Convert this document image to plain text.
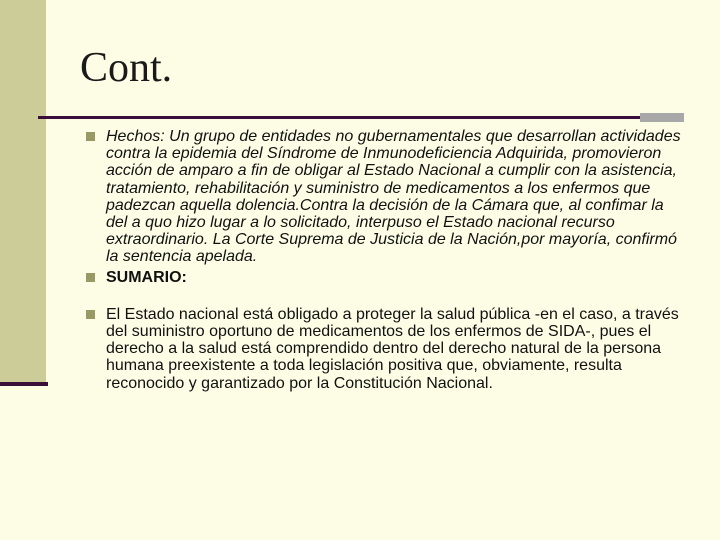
Cont.
Hechos: Un grupo de entidades no gubernamentales que desarrollan actividades contra la epidemia del Síndrome de Inmunodeficiencia Adquirida, promovieron acción de amparo a fin de obligar al Estado Nacional a cumplir con la asistencia, tratamiento, rehabilitación y suministro de medicamentos a los enfermos que padezcan aquella dolencia.Contra la decisión de la Cámara que, al confimar la del a quo hizo lugar a lo solicitado, interpuso el Estado nacional recurso extraordinario. La Corte Suprema de Justicia de la Nación,por mayoría, confirmó la sentencia apelada.
SUMARIO:
El Estado nacional está obligado a proteger la salud pública -en el caso, a través del suministro oportuno de medicamentos de los enfermos de SIDA-, pues el derecho a la salud está comprendido dentro del derecho natural de la persona humana preexistente a toda legislación positiva que, obviamente, resulta reconocido y garantizado por la Constitución Nacional.
